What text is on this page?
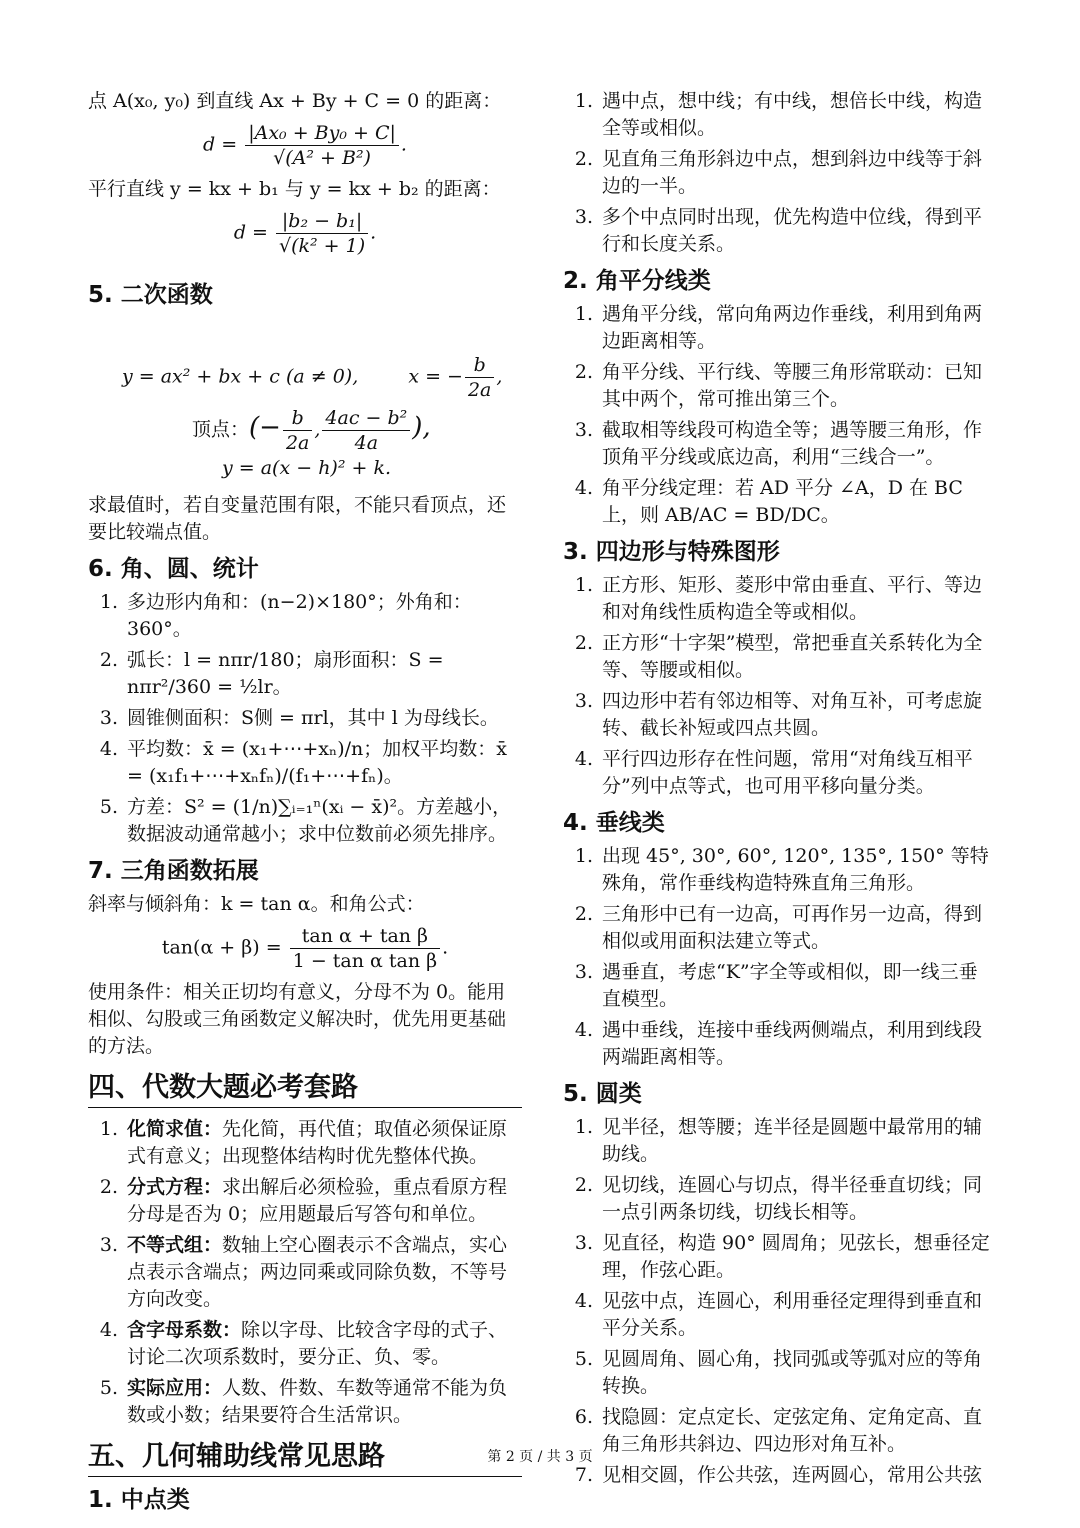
点 A(x₀, y₀) 到直线 Ax + By + C = 0 的距离：

$d = \frac{\text{|Ax₀ + By₀ + C|}}{\text{√(A² + B²)}}$ .

平行直线 y = kx + b₁ 与 y = kx + b₂ 的距离：

$d = \frac{\text{|b₂ − b₁|}}{\text{√(k² + 1)}}$ .
5. 二次函数
y = ax² + bx + c (a ≠ 0),	x = − $\frac{b}{2a}$ ,
顶点：(− $\frac{b}{2a}$ , $\frac{\text{4ac − b²}}{4a}$ ),
y = a(x − h)² + k.

求最值时，若自变量范围有限，不能只看顶点，还要比较端点值。

6. 角、圆、统计
1. 多边形内角和：(n−2)×180°；外角和：360°。
2. 弧长：l = nπr/180；扇形面积：S = nπr²/360 = ½lr。
3. 圆锥侧面积：S侧 = πrl，其中 l 为母线长。
4. 平均数：x̄ = (x₁+⋯+xₙ)/n；加权平均数：x̄ = (x₁f₁+⋯+xₙfₙ)/(f₁+⋯+fₙ)。
5. 方差：S² = (1/n)∑ᵢ₌₁ⁿ(xᵢ − x̄)²。方差越小，数据波动通常越小；求中位数前必须先排序。
7. 三角函数拓展

斜率与倾斜角：k = tan α。和角公式：

$\tan(\alpha + \beta) = \frac{\text{tan α + tan β}}{\text{1 − tan α tan β}}$ .

使用条件：相关正切均有意义，分母不为 0。能用相似、勾股或三角函数定义解决时，优先用更基础的方法。

四、代数大题必考套路
1. 化简求值：先化简，再代值；取值必须保证原式有意义；出现整体结构时优先整体代换。
2. 分式方程：求出解后必须检验，重点看原方程分母是否为 0；应用题最后写答句和单位。
3. 不等式组：数轴上空心圈表示不含端点，实心点表示含端点；两边同乘或同除负数，不等号方向改变。
4. 含字母系数：除以字母、比较含字母的式子、讨论二次项系数时，要分正、负、零。
5. 实际应用：人数、件数、车数等通常不能为负数或小数；结果要符合生活常识。
五、几何辅助线常见思路
1. 中点类
1. 遇中点，想中线；有中线，想倍长中线，构造全等或相似。
2. 见直角三角形斜边中点，想到斜边中线等于斜边的一半。
3. 多个中点同时出现，优先构造中位线，得到平行和长度关系。
2. 角平分线类
1. 遇角平分线，常向角两边作垂线，利用到角两边距离相等。
2. 角平分线、平行线、等腰三角形常联动：已知其中两个，常可推出第三个。
3. 截取相等线段可构造全等；遇等腰三角形，作顶角平分线或底边高，利用“三线合一”。
4. 角平分线定理：若 AD 平分 ∠A，D 在 BC 上，则 AB/AC = BD/DC。
3. 四边形与特殊图形
1. 正方形、矩形、菱形中常由垂直、平行、等边和对角线性质构造全等或相似。
2. 正方形“十字架”模型，常把垂直关系转化为全等、等腰或相似。
3. 四边形中若有邻边相等、对角互补，可考虑旋转、截长补短或四点共圆。
4. 平行四边形存在性问题，常用“对角线互相平分”列中点等式，也可用平移向量分类。
4. 垂线类
1. 出现 45°, 30°, 60°, 120°, 135°, 150° 等特殊角，常作垂线构造特殊直角三角形。
2. 三角形中已有一边高，可再作另一边高，得到相似或用面积法建立等式。
3. 遇垂直，考虑“K”字全等或相似，即一线三垂直模型。
4. 遇中垂线，连接中垂线两侧端点，利用到线段两端距离相等。
5. 圆类
1. 见半径，想等腰；连半径是圆题中最常用的辅助线。
2. 见切线，连圆心与切点，得半径垂直切线；同一点引两条切线，切线长相等。
3. 见直径，构造 90° 圆周角；见弦长，想垂径定理，作弦心距。
4. 见弦中点，连圆心，利用垂径定理得到垂直和平分关系。
5. 见圆周角、圆心角，找同弧或等弧对应的等角转换。
6. 找隐圆：定点定长、定弦定角、定角定高、直角三角形共斜边、四边形对角互补。
7. 见相交圆，作公共弦，连两圆心，常用公共弦
第 2 页 / 共 3 页
